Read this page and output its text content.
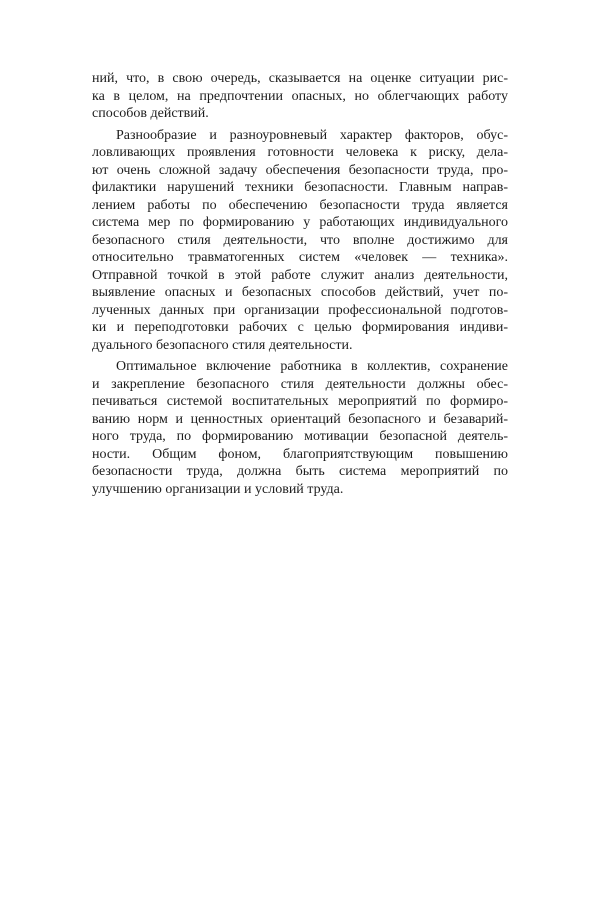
ний, что, в свою очередь, сказывается на оценке ситуации рис-
ка в целом, на предпочтении опасных, но облегчающих работу
способов действий.

Разнообразие и разноуровневый характер факторов, обус-
ловливающих проявления готовности человека к риску, дела-
ют очень сложной задачу обеспечения безопасности труда, про-
филактики нарушений техники безопасности. Главным направ-
лением работы по обеспечению безопасности труда является
система мер по формированию у работающих индивидуального
безопасного стиля деятельности, что вполне достижимо для
относительно травматогенных систем «человек — техника».
Отправной точкой в этой работе служит анализ деятельности,
выявление опасных и безопасных способов действий, учет по-
лученных данных при организации профессиональной подготов-
ки и переподготовки рабочих с целью формирования индиви-
дуального безопасного стиля деятельности.

Оптимальное включение работника в коллектив, сохранение
и закрепление безопасного стиля деятельности должны обес-
печиваться системой воспитательных мероприятий по формиро-
ванию норм и ценностных ориентаций безопасного и безаварий-
ного труда, по формированию мотивации безопасной деятель-
ности. Общим фоном, благоприятствующим повышению
безопасности труда, должна быть система мероприятий по
улучшению организации и условий труда.
